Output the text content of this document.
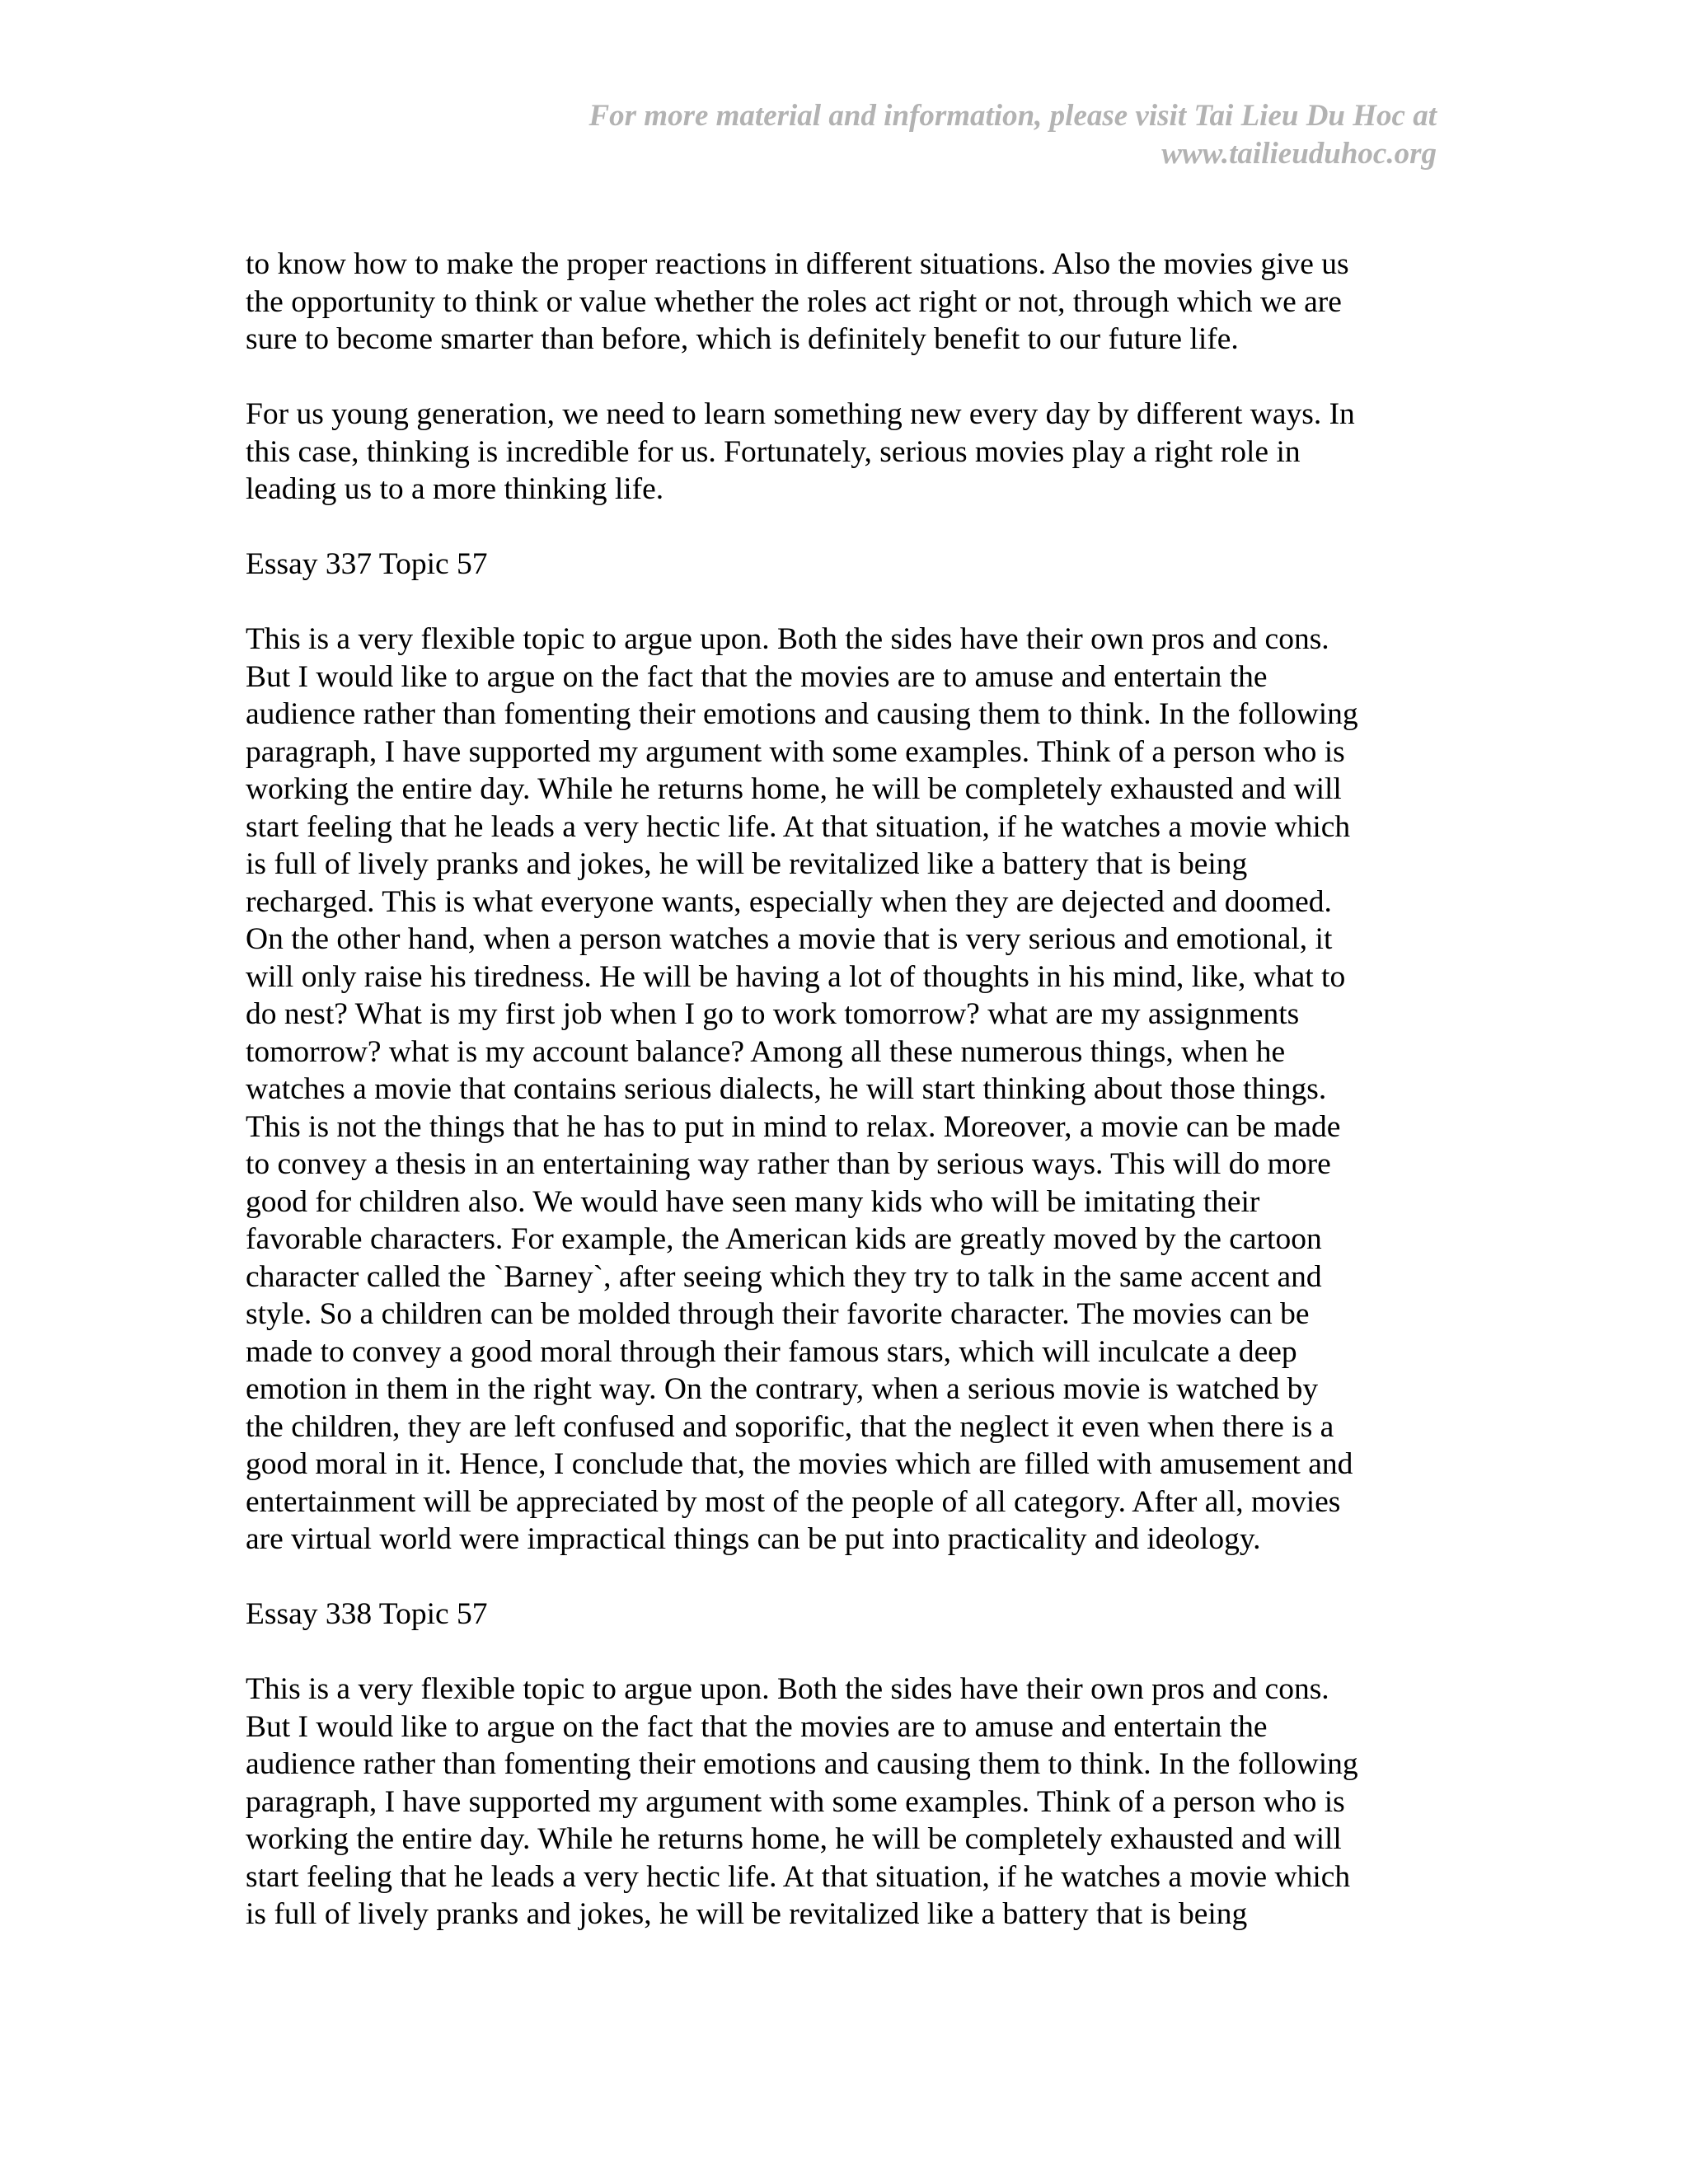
For more material and information, please visit Tai Lieu Du Hoc at
www.tailieuduhoc.org
to know how to make the proper reactions in different situations. Also the movies give us
the opportunity to think or value whether the roles act right or not, through which we are
sure to become smarter than before, which is definitely benefit to our future life.
For us young generation, we need to learn something new every day by different ways. In
this case, thinking is incredible for us. Fortunately, serious movies play a right role in
leading us to a more thinking life.
Essay 337 Topic 57
This is a very flexible topic to argue upon. Both the sides have their own pros and cons.
But I would like to argue on the fact that the movies are to amuse and entertain the
audience rather than fomenting their emotions and causing them to think. In the following
paragraph, I have supported my argument with some examples. Think of a person who is
working the entire day. While he returns home, he will be completely exhausted and will
start feeling that he leads a very hectic life. At that situation, if he watches a movie which
is full of lively pranks and jokes, he will be revitalized like a battery that is being
recharged. This is what everyone wants, especially when they are dejected and doomed.
On the other hand, when a person watches a movie that is very serious and emotional, it
will only raise his tiredness. He will be having a lot of thoughts in his mind, like, what to
do nest? What is my first job when I go to work tomorrow? what are my assignments
tomorrow? what is my account balance? Among all these numerous things, when he
watches a movie that contains serious dialects, he will start thinking about those things.
This is not the things that he has to put in mind to relax. Moreover, a movie can be made
to convey a thesis in an entertaining way rather than by serious ways. This will do more
good for children also. We would have seen many kids who will be imitating their
favorable characters. For example, the American kids are greatly moved by the cartoon
character called the `Barney`, after seeing which they try to talk in the same accent and
style. So a children can be molded through their favorite character. The movies can be
made to convey a good moral through their famous stars, which will inculcate a deep
emotion in them in the right way. On the contrary, when a serious movie is watched by
the children, they are left confused and soporific, that the neglect it even when there is a
good moral in it. Hence, I conclude that, the movies which are filled with amusement and
entertainment will be appreciated by most of the people of all category. After all, movies
are virtual world were impractical things can be put into practicality and ideology.
Essay 338 Topic 57
This is a very flexible topic to argue upon. Both the sides have their own pros and cons.
But I would like to argue on the fact that the movies are to amuse and entertain the
audience rather than fomenting their emotions and causing them to think. In the following
paragraph, I have supported my argument with some examples. Think of a person who is
working the entire day. While he returns home, he will be completely exhausted and will
start feeling that he leads a very hectic life. At that situation, if he watches a movie which
is full of lively pranks and jokes, he will be revitalized like a battery that is being
